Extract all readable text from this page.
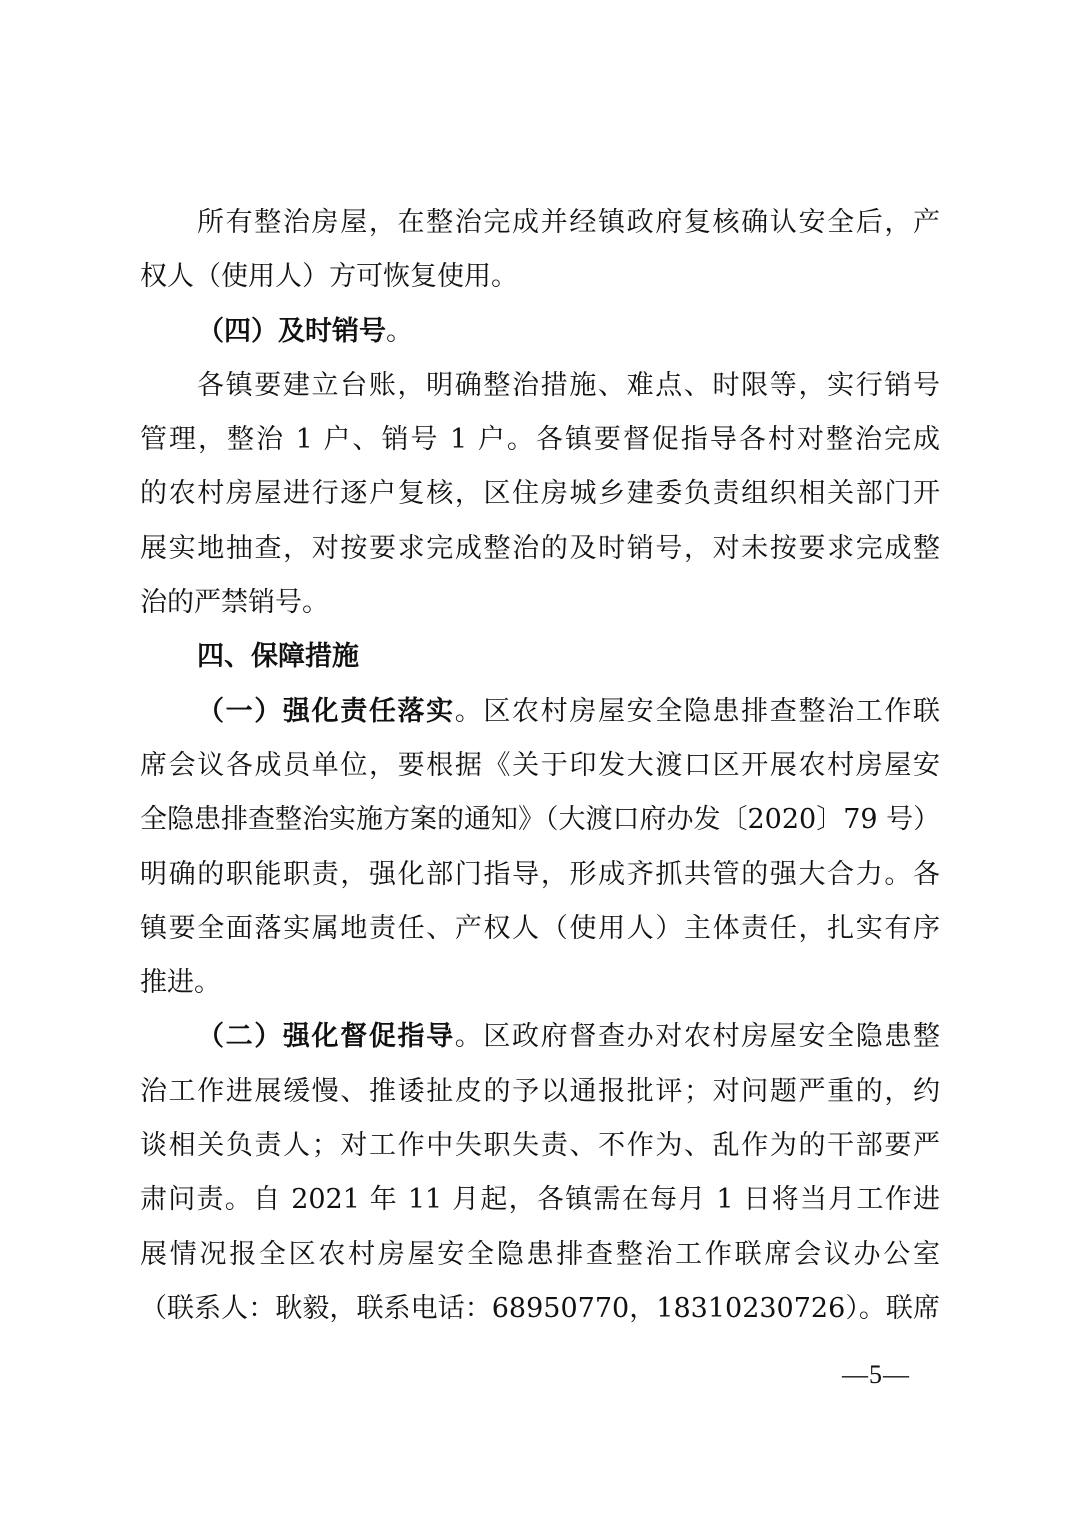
所有整治房屋，在整治完成并经镇政府复核确认安全后，产
权人（使用人）方可恢复使用。
（四）及时销号。
各镇要建立台账，明确整治措施、难点、时限等，实行销号
管理，整治 1 户、销号 1 户。各镇要督促指导各村对整治完成
的农村房屋进行逐户复核，区住房城乡建委负责组织相关部门开
展实地抽查，对按要求完成整治的及时销号，对未按要求完成整
治的严禁销号。
四、保障措施
（一）强化责任落实。区农村房屋安全隐患排查整治工作联
席会议各成员单位，要根据《关于印发大渡口区开展农村房屋安
全隐患排查整治实施方案的通知》（大渡口府办发〔2020〕79 号）
明确的职能职责，强化部门指导，形成齐抓共管的强大合力。各
镇要全面落实属地责任、产权人（使用人）主体责任，扎实有序
推进。
（二）强化督促指导。区政府督查办对农村房屋安全隐患整
治工作进展缓慢、推诿扯皮的予以通报批评；对问题严重的，约
谈相关负责人；对工作中失职失责、不作为、乱作为的干部要严
肃问责。自 2021 年 11 月起，各镇需在每月 1 日将当月工作进
展情况报全区农村房屋安全隐患排查整治工作联席会议办公室
（联系人：耿毅，联系电话：68950770，18310230726）。联席
—5—
